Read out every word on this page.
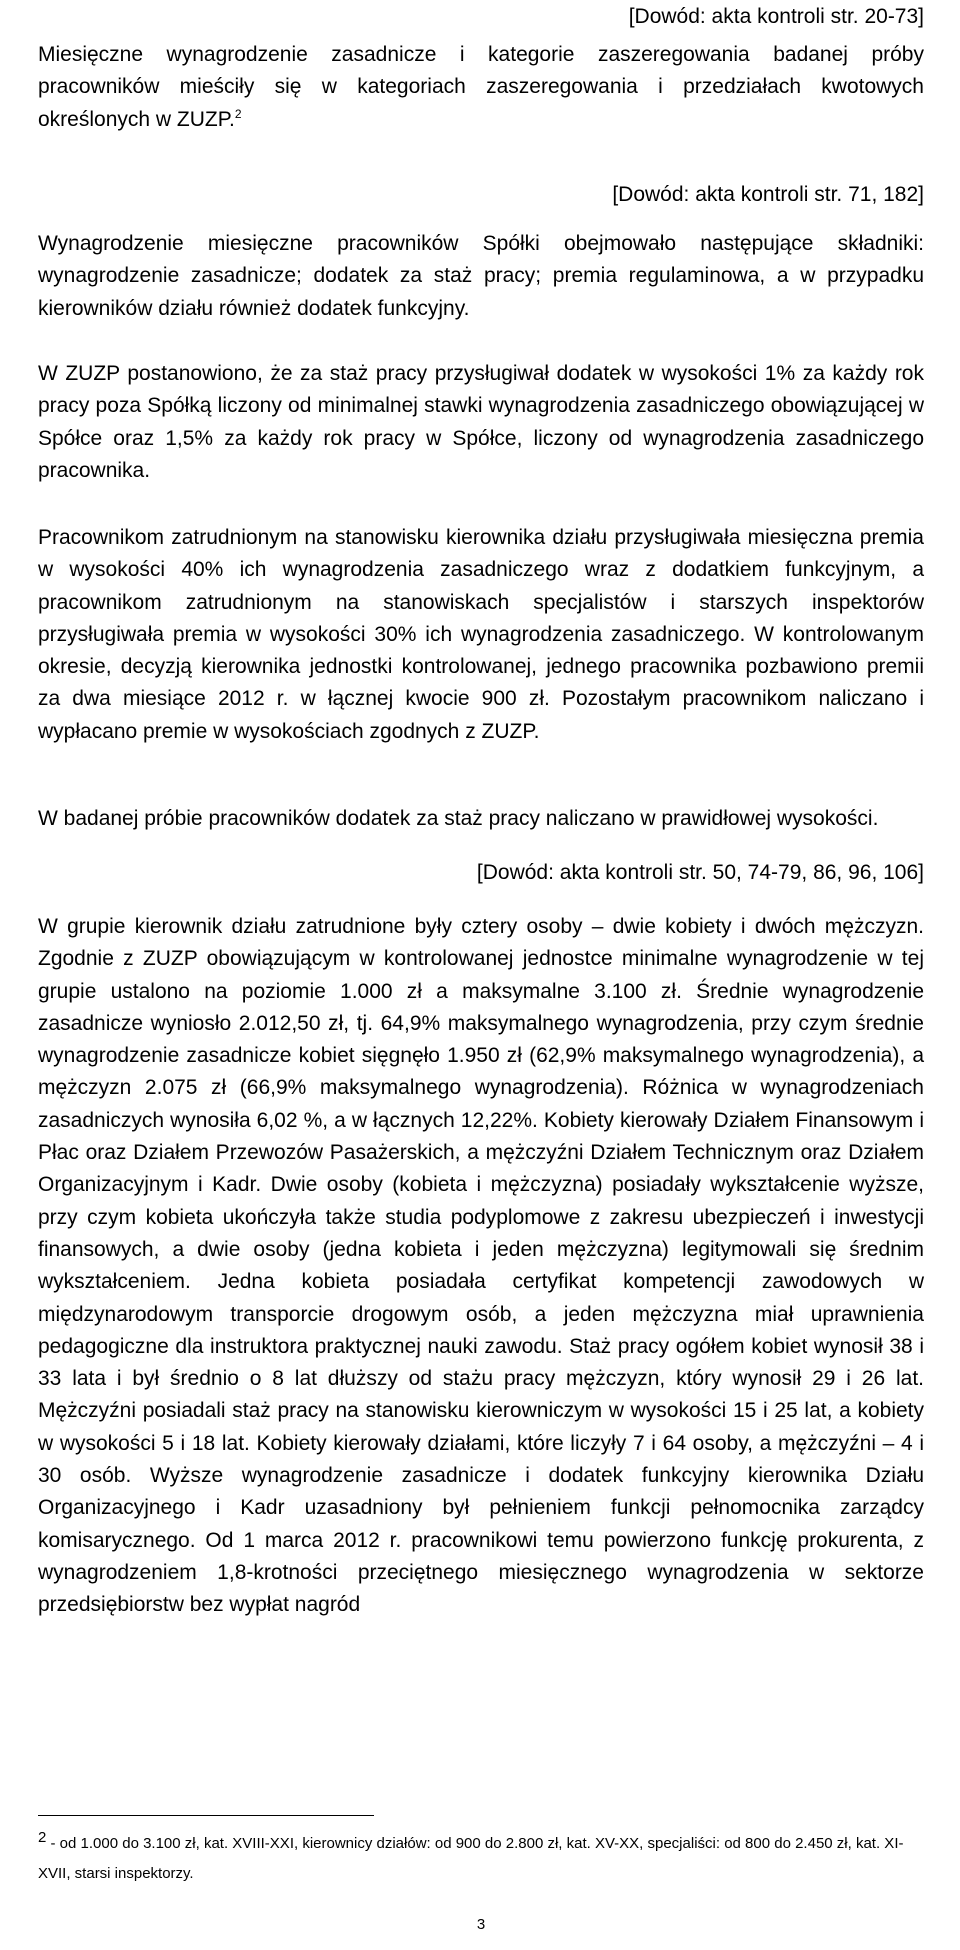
[Dowód: akta kontroli str. 20-73]

Miesięczne wynagrodzenie zasadnicze i kategorie zaszeregowania badanej próby pracowników mieściły się w kategoriach zaszeregowania i przedziałach kwotowych określonych w ZUZP.$^2$

[Dowód: akta kontroli str. 71, 182]

Wynagrodzenie miesięczne pracowników Spółki obejmowało następujące składniki: wynagrodzenie zasadnicze; dodatek za staż pracy; premia regulaminowa, a w przypadku kierowników działu również dodatek funkcyjny.

W ZUZP postanowiono, że za staż pracy przysługiwał dodatek w wysokości 1% za każdy rok pracy poza Spółką liczony od minimalnej stawki wynagrodzenia zasadniczego obowiązującej w Spółce oraz 1,5% za każdy rok pracy w Spółce, liczony od wynagrodzenia zasadniczego pracownika.

Pracownikom zatrudnionym na stanowisku kierownika działu przysługiwała miesięczna premia w wysokości 40% ich wynagrodzenia zasadniczego wraz z dodatkiem funkcyjnym, a pracownikom zatrudnionym na stanowiskach specjalistów i starszych inspektorów przysługiwała premia w wysokości 30% ich wynagrodzenia zasadniczego. W kontrolowanym okresie, decyzją kierownika jednostki kontrolowanej, jednego pracownika pozbawiono premii za dwa miesiące 2012 r. w łącznej kwocie 900 zł. Pozostałym pracownikom naliczano i wypłacano premie w wysokościach zgodnych z ZUZP.

W badanej próbie pracowników dodatek za staż pracy naliczano w prawidłowej wysokości.

[Dowód: akta kontroli str. 50, 74-79, 86, 96, 106]

W grupie kierownik działu zatrudnione były cztery osoby – dwie kobiety i dwóch mężczyzn. Zgodnie z ZUZP obowiązującym w kontrolowanej jednostce minimalne wynagrodzenie w tej grupie ustalono na poziomie 1.000 zł a maksymalne 3.100 zł. Średnie wynagrodzenie zasadnicze wyniosło 2.012,50 zł, tj. 64,9% maksymalnego wynagrodzenia, przy czym średnie wynagrodzenie zasadnicze kobiet sięgnęło 1.950 zł (62,9% maksymalnego wynagrodzenia), a mężczyzn 2.075 zł (66,9% maksymalnego wynagrodzenia). Różnica w wynagrodzeniach zasadniczych wynosiła 6,02 %, a w łącznych 12,22%. Kobiety kierowały Działem Finansowym i Płac oraz Działem Przewozów Pasażerskich, a mężczyźni Działem Technicznym oraz Działem Organizacyjnym i Kadr. Dwie osoby (kobieta i mężczyzna) posiadały wykształcenie wyższe, przy czym kobieta ukończyła także studia podyplomowe z zakresu ubezpieczeń i inwestycji finansowych, a dwie osoby (jedna kobieta i jeden mężczyzna) legitymowali się średnim wykształceniem. Jedna kobieta posiadała certyfikat kompetencji zawodowych w międzynarodowym transporcie drogowym osób, a jeden mężczyzna miał uprawnienia pedagogiczne dla instruktora praktycznej nauki zawodu. Staż pracy ogółem kobiet wynosił 38 i 33 lata i był średnio o 8 lat dłuższy od stażu pracy mężczyzn, który wynosił 29 i 26 lat. Mężczyźni posiadali staż pracy na stanowisku kierowniczym w wysokości 15 i 25 lat, a kobiety w wysokości 5 i 18 lat. Kobiety kierowały działami, które liczyły 7 i 64 osoby, a mężczyźni – 4 i 30 osób. Wyższe wynagrodzenie zasadnicze i dodatek funkcyjny kierownika Działu Organizacyjnego i Kadr uzasadniony był pełnieniem funkcji pełnomocnika zarządcy komisarycznego. Od 1 marca 2012 r. pracownikowi temu powierzono funkcję prokurenta, z wynagrodzeniem 1,8-krotności przeciętnego miesięcznego wynagrodzenia w sektorze przedsiębiorstw bez wypłat nagród

2 - od 1.000 do 3.100 zł, kat. XVIII-XXI, kierownicy działów: od 900 do 2.800 zł, kat. XV-XX, specjaliści: od 800 do 2.450 zł, kat. XI-XVII, starsi inspektorzy.

3
